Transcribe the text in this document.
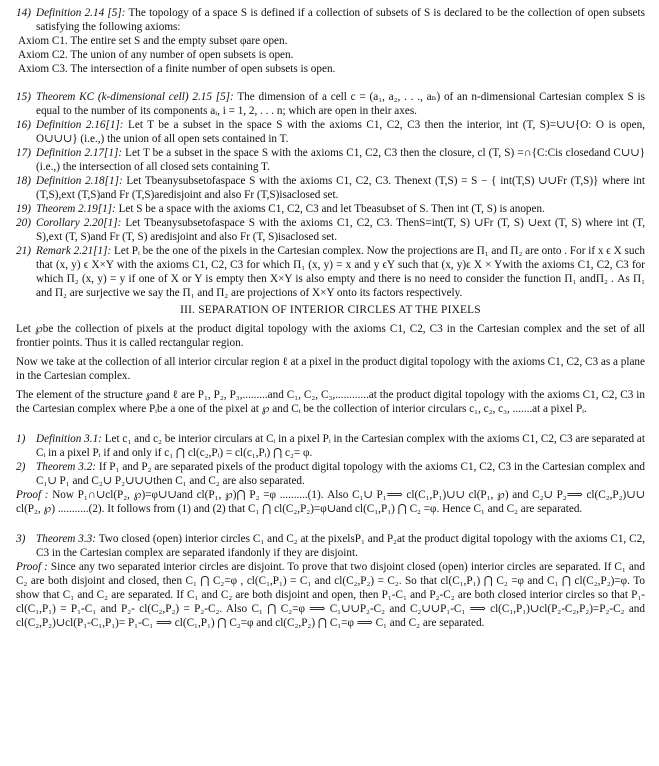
14) Definition 2.14 [5]: The topology of a space S is defined if a collection of subsets of S is declared to be the collection of open subsets satisfying the following axioms:

Axiom C1. The entire set S and the empty subset φare open.

Axiom C2. The union of any number of open subsets is open.

Axiom C3. The intersection of a finite number of open subsets is open.

15) Theorem KC (k-dimensional cell) 2.15 [5]: The dimension of a cell c = (a₁, a₂, . . ., aₙ) of an n-dimensional Cartesian complex S is equal to the number of its components aᵢ, i = 1, 2, . . . n; which are open in their axes.
16) Definition 2.16[1]: Let T be a subset in the space S with the axioms C1, C2, C3 then the interior, int (T, S)=∪∪{O: O is open, O∪∪∪} (i.e.,) the union of all open sets contained in T.
17) Definition 2.17[1]: Let T be a subset in the space S with the axioms C1, C2, C3 then the closure, cl (T, S) =∩{C:Cis closedand C∪∪} (i.e.,) the intersection of all closed sets containing T.
18) Definition 2.18[1]: Let Tbeanysubsetofaspace S with the axioms C1, C2, C3. Thenext (T,S) = S − { int(T,S) ∪∪Fr (T,S)} where int (T,S),ext (T,S)and Fr (T,S)aredisjoint and also Fr (T,S)isaclosed set.
19) Theorem 2.19[1]: Let S be a space with the axioms C1, C2, C3 and let Tbeasubset of S. Then int (T, S) is anopen.
20) Corollary 2.20[1]: Let Tbeanysubsetofaspace S with the axioms C1, C2, C3. ThenS=int(T, S) ∪Fr (T, S) ∪ext (T, S) where int (T, S),ext (T, S)and Fr (T, S) aredisjoint and also Fr (T, S)isaclosed set.
21) Remark 2.21[1]: Let Pᵢ be the one of the pixels in the Cartesian complex. Now the projections are Π₁ and Π₂ are onto . For if x ϵ X such that (x, y) ϵ X×Y with the axioms C1, C2, C3 for which Π₁ (x, y) = x and y ϵY such that (x, y)ϵ X × Ywith the axioms C1, C2, C3 for which Π₂ (x, y) = y if one of X or Y is empty then X×Y is also empty and there is no need to consider the function Π₁ andΠ₂ . As Π₁ and Π₂ are surjective we say the Π₁ and Π₂ are projections of X×Y onto its factors respectively.
III. SEPARATION OF INTERIOR CIRCLES AT THE PIXELS

Let ℘be the collection of pixels at the product digital topology with the axioms C1, C2, C3 in the Cartesian complex and the set of all frontier points. Thus it is called rectangular region.

Now we take at the collection of all interior circular region ℓ at a pixel in the product digital topology with the axioms C1, C2, C3 as a plane in the Cartesian complex.

The element of the structure ℘and ℓ are P₁, P₂, P₃,.........and C₁, C₂, C₃,............at the product digital topology with the axioms C1, C2, C3 in the Cartesian complex where Pᵢbe a one of the pixel at ℘ and Cᵢ be the collection of interior circulars c₁, c₂, c₃, .......at a pixel Pᵢ.

1) Definition 3.1: Let c₁ and c₂ be interior circulars at Cᵢ in a pixel Pᵢ in the Cartesian complex with the axioms C1, C2, C3 are separated at Cᵢ in a pixel Pᵢ if and only if c₁ ⋂ cl(c₂,Pᵢ) = cl(c₁,Pᵢ) ⋂ c₂= φ.
2) Theorem 3.2: If P₁ and P₂ are separated pixels of the product digital topology with the axioms C1, C2, C3 in the Cartesian complex and C₁∪ P₁ and C₂∪ P₂∪∪∪then C₁ and C₂ are also separated.

Proof : Now P₁∩∪cl(P₂, ℘)=φ∪∪and cl(P₁, ℘)⋂ P₂ =φ ..........(1). Also C₁∪ P₁⟹ cl(C₁,P₁)∪∪ cl(P₁, ℘) and C₂∪ P₂⟹ cl(C₂,P₂)∪∪ cl(P₂, ℘) ...........(2). It follows from (1) and (2) that C₁ ⋂ cl(C₂,P₂)=φ∪and cl(C₁,P₁) ⋂ C₂ =φ. Hence C₁ and C₂ are separated.

3) Theorem 3.3: Two closed (open) interior circles C₁ and C₂ at the pixelsP₁ and P₂at the product digital topology with the axioms C1, C2, C3 in the Cartesian complex are separated ifandonly if they are disjoint.

Proof : Since any two separated interior circles are disjoint. To prove that two disjoint closed (open) interior circles are separated. If C₁ and C₂ are both disjoint and closed, then C₁ ⋂ C₂=φ , cl(C₁,P₁) = C₁ and cl(C₂,P₂) = C₂. So that cl(C₁,P₁) ⋂ C₂ =φ and C₁ ⋂ cl(C₂,P₂)=φ. To show that C₁ and C₂ are separated. If C₁ and C₂ are both disjoint and open, then P₁-C₁ and P₂-C₂ are both closed interior circles so that P₁- cl(C₁,P₁) = P₁-C₁ and P₂- cl(C₂,P₂) = P₂-C₂. Also C₁ ⋂ C₂=φ ⟹ C₁∪∪P₂-C₂ and C₂∪∪P₁-C₁ ⟹ cl(C₁,P₁)∪cl(P₂-C₂,P₂)=P₂-C₂ and cl(C₂,P₂)∪cl(P₁-C₁,P₁)= P₁-C₁ ⟹ cl(C₁,P₁) ⋂ C₂=φ and cl(C₂,P₂) ⋂ C₁=φ ⟹ C₁ and C₂ are separated.
